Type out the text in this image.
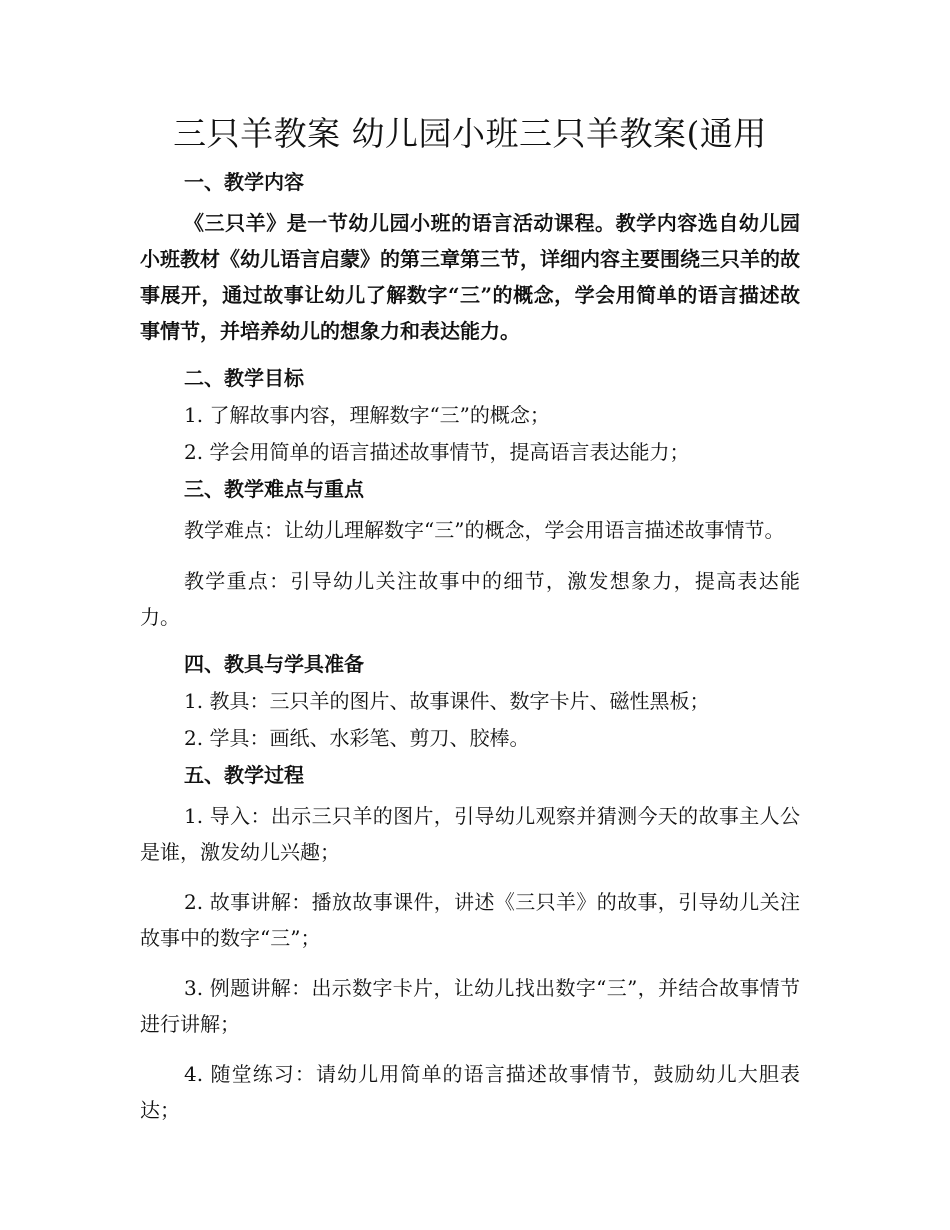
三只羊教案 幼儿园小班三只羊教案(通用
一、教学内容

《三只羊》是一节幼儿园小班的语言活动课程。教学内容选自幼儿园小班教材《幼儿语言启蒙》的第三章第三节，详细内容主要围绕三只羊的故事展开，通过故事让幼儿了解数字“三”的概念，学会用简单的语言描述故事情节，并培养幼儿的想象力和表达能力。

二、教学目标
1. 了解故事内容，理解数字“三”的概念；
2. 学会用简单的语言描述故事情节，提高语言表达能力；
三、教学难点与重点

教学难点：让幼儿理解数字“三”的概念，学会用语言描述故事情节。

教学重点：引导幼儿关注故事中的细节，激发想象力，提高表达能力。

四、教具与学具准备
1. 教具：三只羊的图片、故事课件、数字卡片、磁性黑板；
2. 学具：画纸、水彩笔、剪刀、胶棒。
五、教学过程

1. 导入：出示三只羊的图片，引导幼儿观察并猜测今天的故事主人公是谁，激发幼儿兴趣；

2. 故事讲解：播放故事课件，讲述《三只羊》的故事，引导幼儿关注故事中的数字“三”；

3. 例题讲解：出示数字卡片，让幼儿找出数字“三”，并结合故事情节进行讲解；

4. 随堂练习：请幼儿用简单的语言描述故事情节，鼓励幼儿大胆表达；
